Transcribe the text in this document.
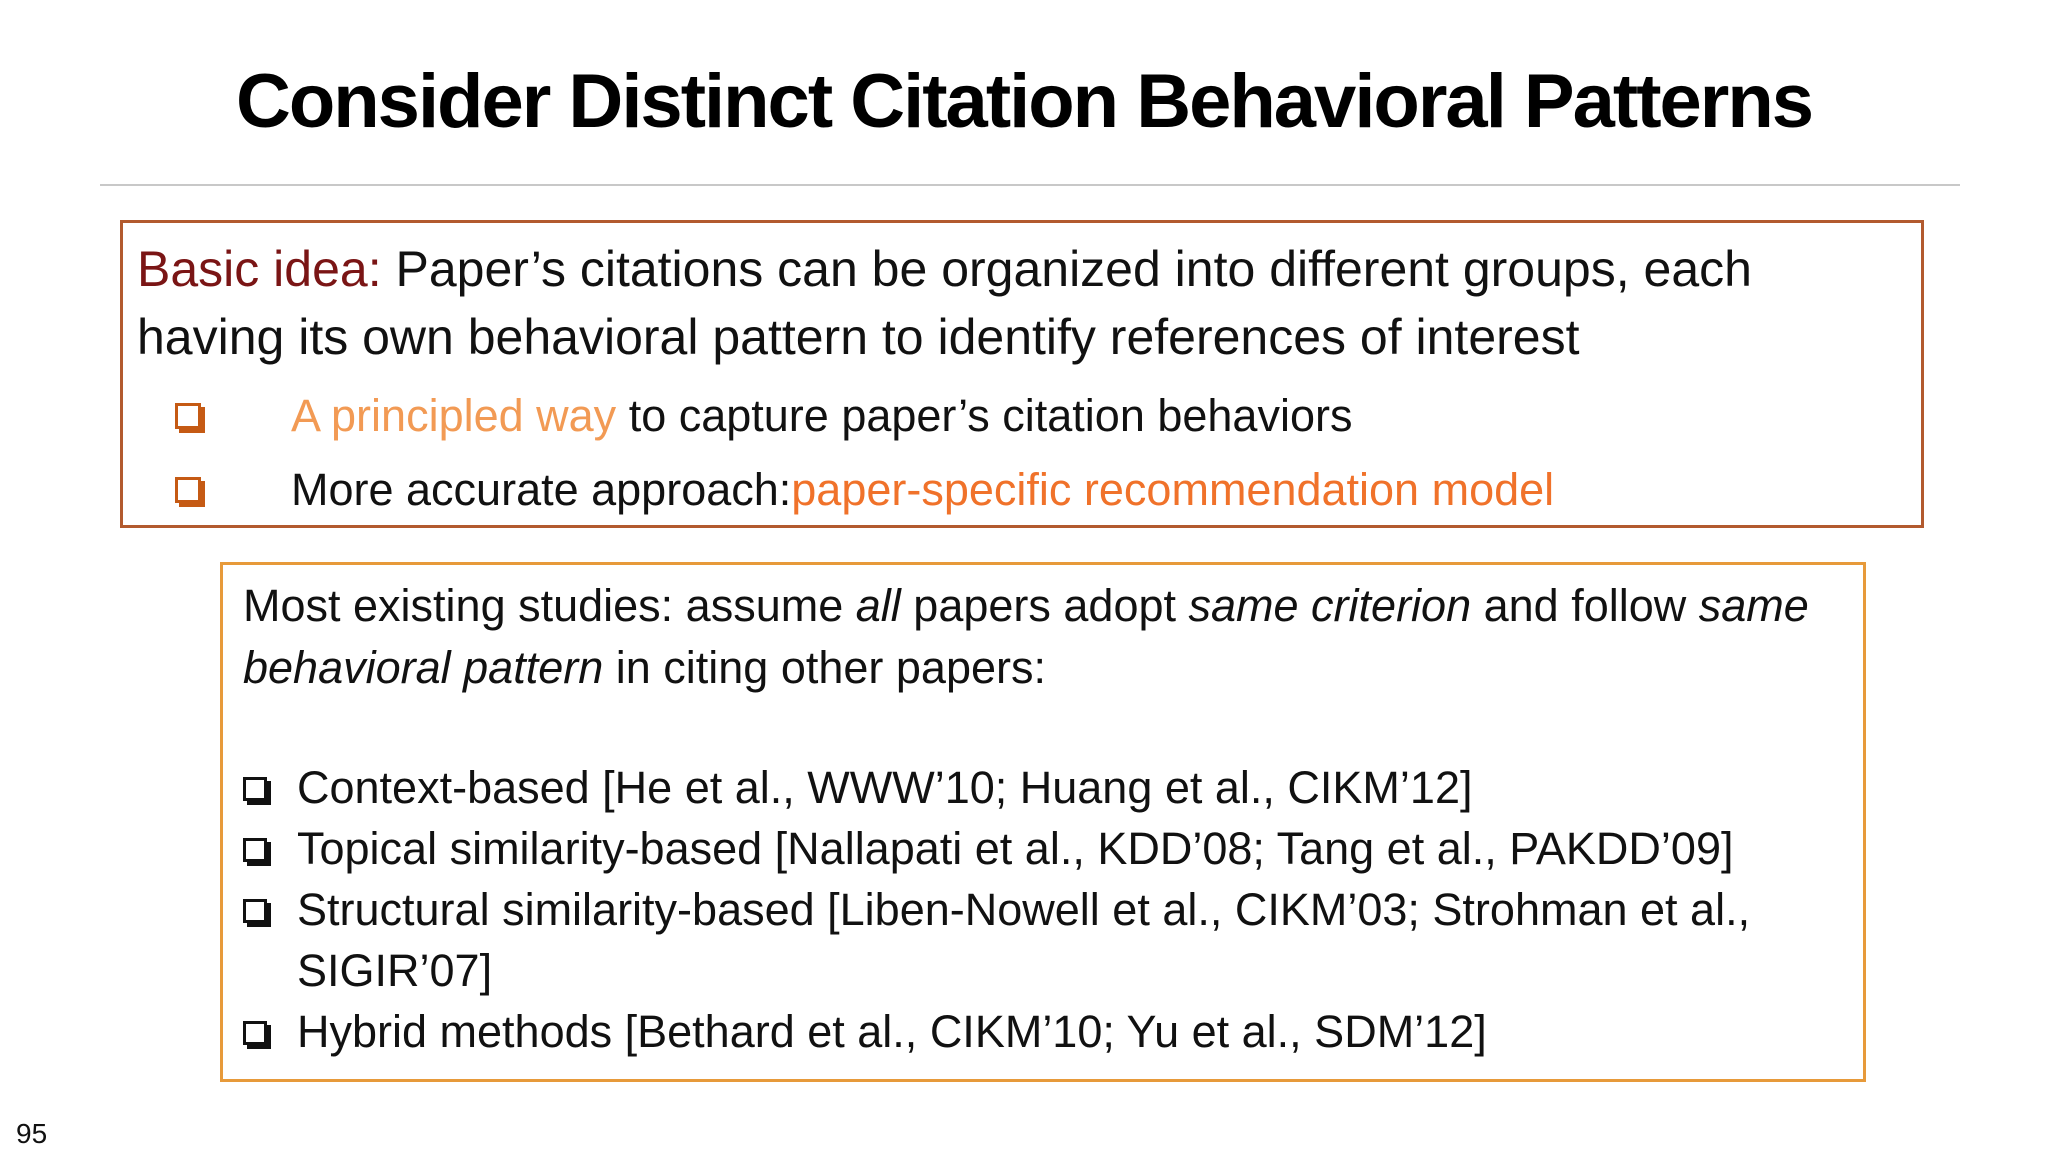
Consider Distinct Citation Behavioral Patterns
Basic idea: Paper’s citations can be organized into different groups, each having its own behavioral pattern to identify references of interest
A principled way to capture paper’s citation behaviors
More accurate approach:paper-specific recommendation model
Most existing studies: assume all papers adopt same criterion and follow same behavioral pattern in citing other papers:
Context-based [He et al., WWW’10; Huang et al., CIKM’12]
Topical similarity-based [Nallapati et al., KDD’08; Tang et al., PAKDD’09]
Structural similarity-based [Liben-Nowell et al., CIKM’03; Strohman et al., SIGIR’07]
Hybrid methods [Bethard et al., CIKM’10; Yu et al., SDM’12]
95
